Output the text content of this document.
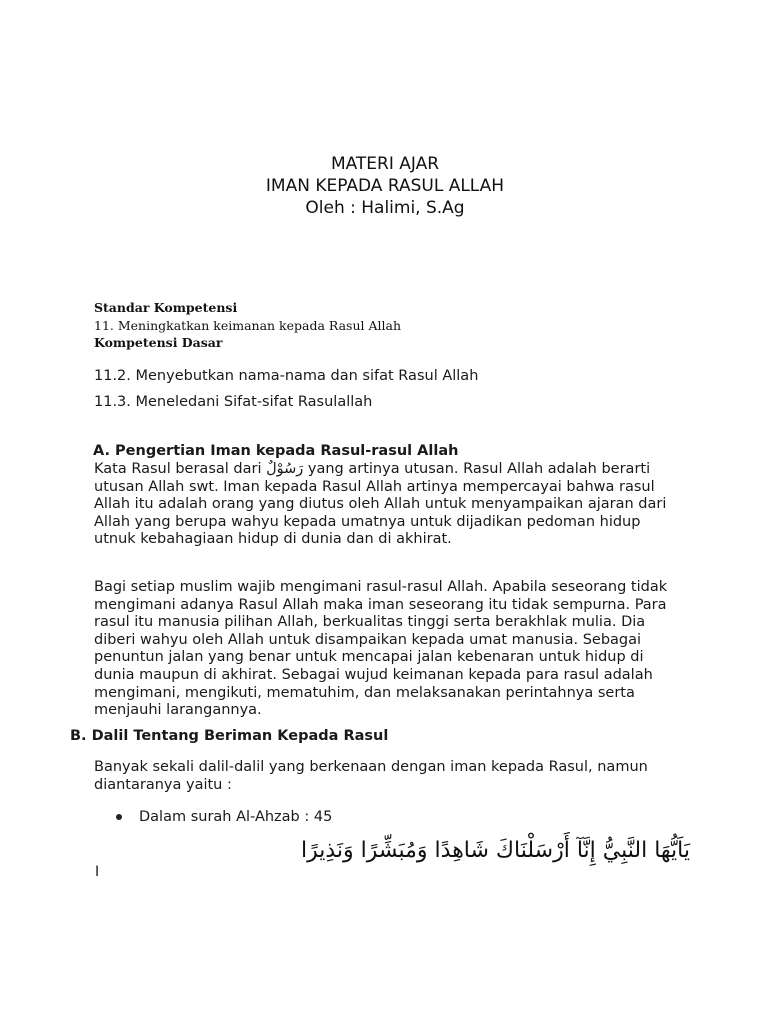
MATERI AJAR
IMAN KEPADA RASUL ALLAH
Oleh : Halimi, S.Ag
Standar Kompetensi
11. Meningkatkan keimanan kepada Rasul Allah
Kompetensi Dasar
11.2. Menyebutkan nama-nama dan sifat Rasul Allah
11.3. Meneledani Sifat-sifat Rasulallah
A. Pengertian Iman kepada Rasul-rasul Allah
Kata Rasul berasal dari رَسُوْلٌ yang artinya utusan. Rasul Allah adalah berarti utusan Allah swt. Iman kepada Rasul Allah artinya mempercayai bahwa rasul Allah itu adalah orang yang diutus oleh Allah untuk menyampaikan ajaran dari Allah yang berupa wahyu kepada umatnya untuk dijadikan pedoman hidup utnuk kebahagiaan hidup di dunia dan di akhirat.
Bagi setiap muslim wajib mengimani rasul-rasul Allah. Apabila seseorang tidak mengimani adanya Rasul Allah maka iman seseorang itu tidak sempurna. Para rasul itu manusia pilihan Allah, berkualitas tinggi serta berakhlak mulia. Dia diberi wahyu oleh Allah untuk disampaikan kepada umat manusia. Sebagai penuntun jalan yang benar untuk mencapai jalan kebenaran untuk hidup di dunia maupun di akhirat. Sebagai wujud keimanan kepada para rasul adalah mengimani, mengikuti, mematuhim, dan melaksanakan perintahnya serta menjauhi larangannya.
B. Dalil Tentang Beriman Kepada Rasul
Banyak sekali dalil-dalil yang berkenaan dengan iman kepada Rasul, namun diantaranya yaitu :
Dalam surah Al-Ahzab : 45
يَاَيُّهَا النَّبِيُّ إِنَّآ أَرْسَلْنَاكَ شَاهِدًا وَمُبَشِّرًا وَنَذِيرًا
I
